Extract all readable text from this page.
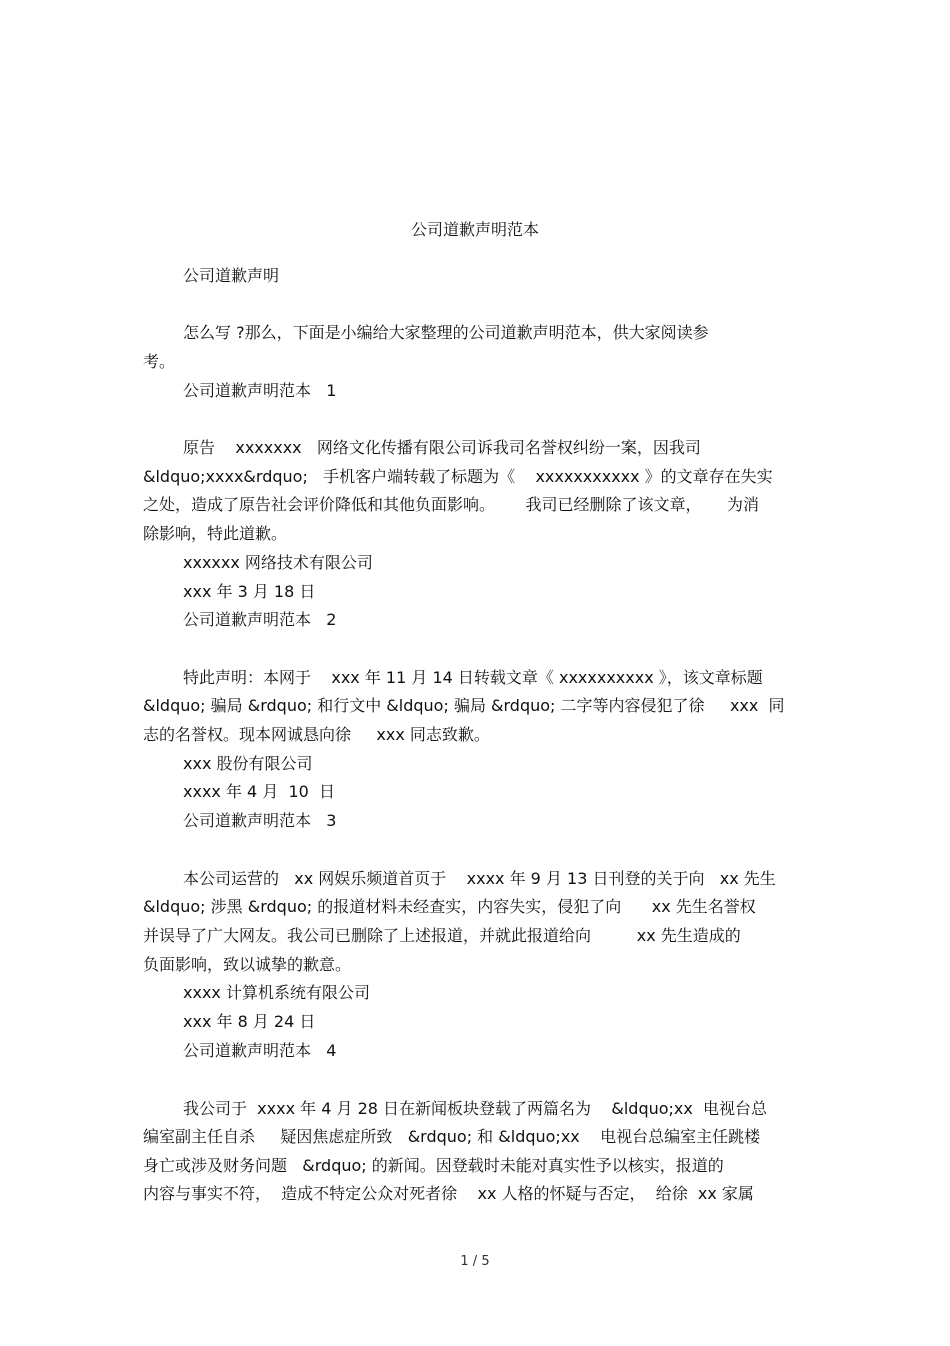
公司道歉声明范本
公司道歉声明
怎么写 ?那么，下面是小编给大家整理的公司道歉声明范本，供大家阅读参
考。
公司道歉声明范本   1
原告    xxxxxxx   网络文化传播有限公司诉我司名誉权纠纷一案，因我司
&ldquo;xxxx&rdquo;   手机客户端转载了标题为《    xxxxxxxxxxx 》的文章存在失实
之处，造成了原告社会评价降低和其他负面影响。      我司已经删除了该文章，     为消
除影响，特此道歉。
xxxxxx 网络技术有限公司
xxx 年 3 月 18 日
公司道歉声明范本   2
特此声明：本网于    xxx 年 11 月 14 日转载文章《 xxxxxxxxxx 》，该文章标题
&ldquo; 骗局 &rdquo; 和行文中 &ldquo; 骗局 &rdquo; 二字等内容侵犯了徐     xxx  同
志的名誉权。现本网诚恳向徐     xxx 同志致歉。
xxx 股份有限公司
xxxx 年 4 月  10  日
公司道歉声明范本   3
本公司运营的   xx 网娱乐频道首页于    xxxx 年 9 月 13 日刊登的关于向   xx 先生
&ldquo; 涉黑 &rdquo; 的报道材料未经查实，内容失实，侵犯了向      xx 先生名誉权
并误导了广大网友。我公司已删除了上述报道，并就此报道给向         xx 先生造成的
负面影响，致以诚挚的歉意。
xxxx 计算机系统有限公司
xxx 年 8 月 24 日
公司道歉声明范本   4
我公司于  xxxx 年 4 月 28 日在新闻板块登载了两篇名为    &ldquo;xx  电视台总
编室副主任自杀     疑因焦虑症所致   &rdquo; 和 &ldquo;xx    电视台总编室主任跳楼
身亡或涉及财务问题   &rdquo; 的新闻。因登载时未能对真实性予以核实，报道的
内容与事实不符，  造成不特定公众对死者徐    xx 人格的怀疑与否定，  给徐  xx 家属
1 / 5
